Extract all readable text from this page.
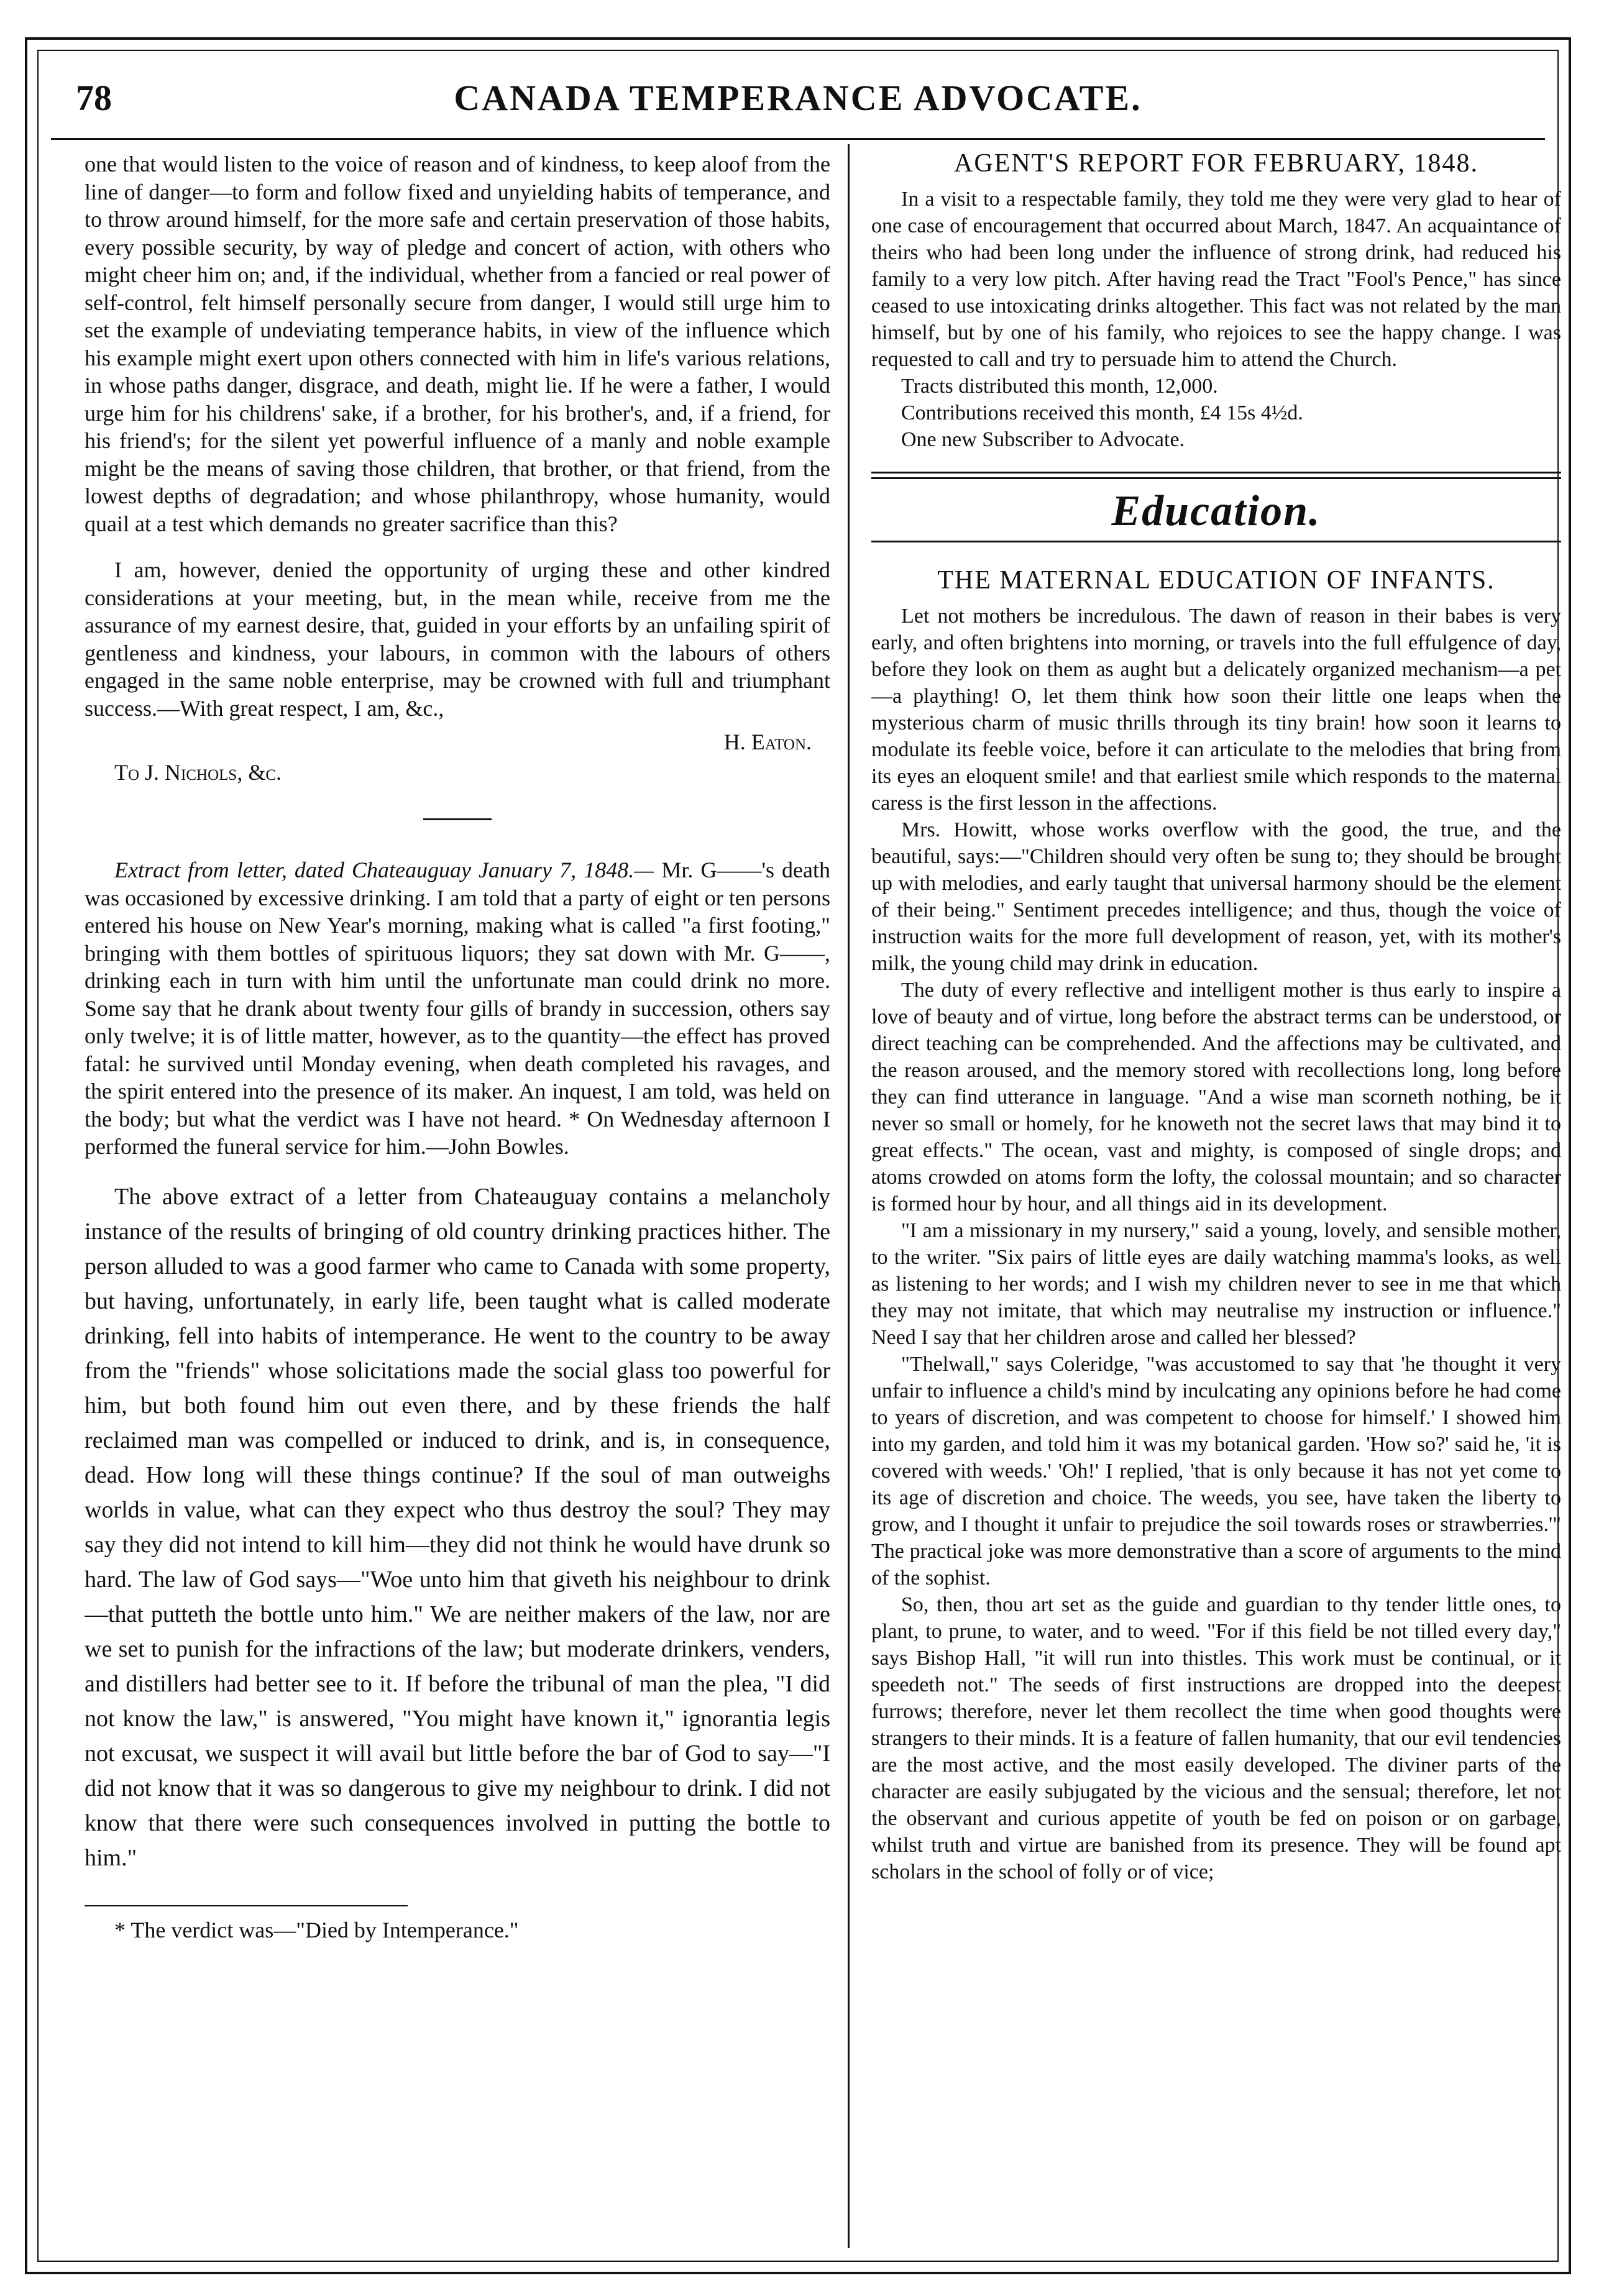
78	CANADA TEMPERANCE ADVOCATE.

one that would listen to the voice of reason and of kindness, to keep aloof from the line of danger—to form and follow fixed and unyielding habits of temperance, and to throw around himself, for the more safe and certain preservation of those habits, every possible security, by way of pledge and concert of action, with others who might cheer him on; and, if the individual, whether from a fancied or real power of self-control, felt himself personally secure from danger, I would still urge him to set the example of undeviating temperance habits, in view of the influence which his example might exert upon others connected with him in life's various relations, in whose paths danger, disgrace, and death, might lie. If he were a father, I would urge him for his childrens' sake, if a brother, for his brother's, and, if a friend, for his friend's; for the silent yet powerful influence of a manly and noble example might be the means of saving those children, that brother, or that friend, from the lowest depths of degradation; and whose philanthropy, whose humanity, would quail at a test which demands no greater sacrifice than this?

I am, however, denied the opportunity of urging these and other kindred considerations at your meeting, but, in the mean while, receive from me the assurance of my earnest desire, that, guided in your efforts by an unfailing spirit of gentleness and kindness, your labours, in common with the labours of others engaged in the same noble enterprise, may be crowned with full and triumphant success.—With great respect, I am, &c.,

H. Eaton.
To J. Nichols, &c.

Extract from letter, dated Chateauguay January 7, 1848.— Mr. G——'s death was occasioned by excessive drinking. I am told that a party of eight or ten persons entered his house on New Year's morning, making what is called "a first footing," bringing with them bottles of spirituous liquors; they sat down with Mr. G——, drinking each in turn with him until the unfortunate man could drink no more. Some say that he drank about twenty four gills of brandy in succession, others say only twelve; it is of little matter, however, as to the quantity—the effect has proved fatal: he survived until Monday evening, when death completed his ravages, and the spirit entered into the presence of its maker. An inquest, I am told, was held on the body; but what the verdict was I have not heard. * On Wednesday afternoon I performed the funeral service for him.—John Bowles.

The above extract of a letter from Chateauguay contains a melancholy instance of the results of bringing of old country drinking practices hither. The person alluded to was a good farmer who came to Canada with some property, but having, unfortunately, in early life, been taught what is called moderate drinking, fell into habits of intemperance. He went to the country to be away from the "friends" whose solicitations made the social glass too powerful for him, but both found him out even there, and by these friends the half reclaimed man was compelled or induced to drink, and is, in consequence, dead. How long will these things continue? If the soul of man outweighs worlds in value, what can they expect who thus destroy the soul? They may say they did not intend to kill him—they did not think he would have drunk so hard. The law of God says—"Woe unto him that giveth his neighbour to drink—that putteth the bottle unto him." We are neither makers of the law, nor are we set to punish for the infractions of the law; but moderate drinkers, venders, and distillers had better see to it. If before the tribunal of man the plea, "I did not know the law," is answered, "You might have known it," ignorantia legis not excusat, we suspect it will avail but little before the bar of God to say—"I did not know that it was so dangerous to give my neighbour to drink. I did not know that there were such consequences involved in putting the bottle to him."

* The verdict was—"Died by Intemperance."

AGENT'S REPORT FOR FEBRUARY, 1848.

In a visit to a respectable family, they told me they were very glad to hear of one case of encouragement that occurred about March, 1847. An acquaintance of theirs who had been long under the influence of strong drink, had reduced his family to a very low pitch. After having read the Tract "Fool's Pence," has since ceased to use intoxicating drinks altogether. This fact was not related by the man himself, but by one of his family, who rejoices to see the happy change. I was requested to call and try to persuade him to attend the Church.

Tracts distributed this month, 12,000.

Contributions received this month, £4 15s 4½d.

One new Subscriber to Advocate.

Education.
THE MATERNAL EDUCATION OF INFANTS.

Let not mothers be incredulous. The dawn of reason in their babes is very early, and often brightens into morning, or travels into the full effulgence of day, before they look on them as aught but a delicately organized mechanism—a pet—a plaything! O, let them think how soon their little one leaps when the mysterious charm of music thrills through its tiny brain! how soon it learns to modulate its feeble voice, before it can articulate to the melodies that bring from its eyes an eloquent smile! and that earliest smile which responds to the maternal caress is the first lesson in the affections.

Mrs. Howitt, whose works overflow with the good, the true, and the beautiful, says:—"Children should very often be sung to; they should be brought up with melodies, and early taught that universal harmony should be the element of their being." Sentiment precedes intelligence; and thus, though the voice of instruction waits for the more full development of reason, yet, with its mother's milk, the young child may drink in education.

The duty of every reflective and intelligent mother is thus early to inspire a love of beauty and of virtue, long before the abstract terms can be understood, or direct teaching can be comprehended. And the affections may be cultivated, and the reason aroused, and the memory stored with recollections long, long before they can find utterance in language. "And a wise man scorneth nothing, be it never so small or homely, for he knoweth not the secret laws that may bind it to great effects." The ocean, vast and mighty, is composed of single drops; and atoms crowded on atoms form the lofty, the colossal mountain; and so character is formed hour by hour, and all things aid in its development.

"I am a missionary in my nursery," said a young, lovely, and sensible mother, to the writer. "Six pairs of little eyes are daily watching mamma's looks, as well as listening to her words; and I wish my children never to see in me that which they may not imitate, that which may neutralise my instruction or influence." Need I say that her children arose and called her blessed?

"Thelwall," says Coleridge, "was accustomed to say that 'he thought it very unfair to influence a child's mind by inculcating any opinions before he had come to years of discretion, and was competent to choose for himself.' I showed him into my garden, and told him it was my botanical garden. 'How so?' said he, 'it is covered with weeds.' 'Oh!' I replied, 'that is only because it has not yet come to its age of discretion and choice. The weeds, you see, have taken the liberty to grow, and I thought it unfair to prejudice the soil towards roses or strawberries.'" The practical joke was more demonstrative than a score of arguments to the mind of the sophist.

So, then, thou art set as the guide and guardian to thy tender little ones, to plant, to prune, to water, and to weed. "For if this field be not tilled every day," says Bishop Hall, "it will run into thistles. This work must be continual, or it speedeth not." The seeds of first instructions are dropped into the deepest furrows; therefore, never let them recollect the time when good thoughts were strangers to their minds. It is a feature of fallen humanity, that our evil tendencies are the most active, and the most easily developed. The diviner parts of the character are easily subjugated by the vicious and the sensual; therefore, let not the observant and curious appetite of youth be fed on poison or on garbage, whilst truth and virtue are banished from its presence. They will be found apt scholars in the school of folly or of vice;
